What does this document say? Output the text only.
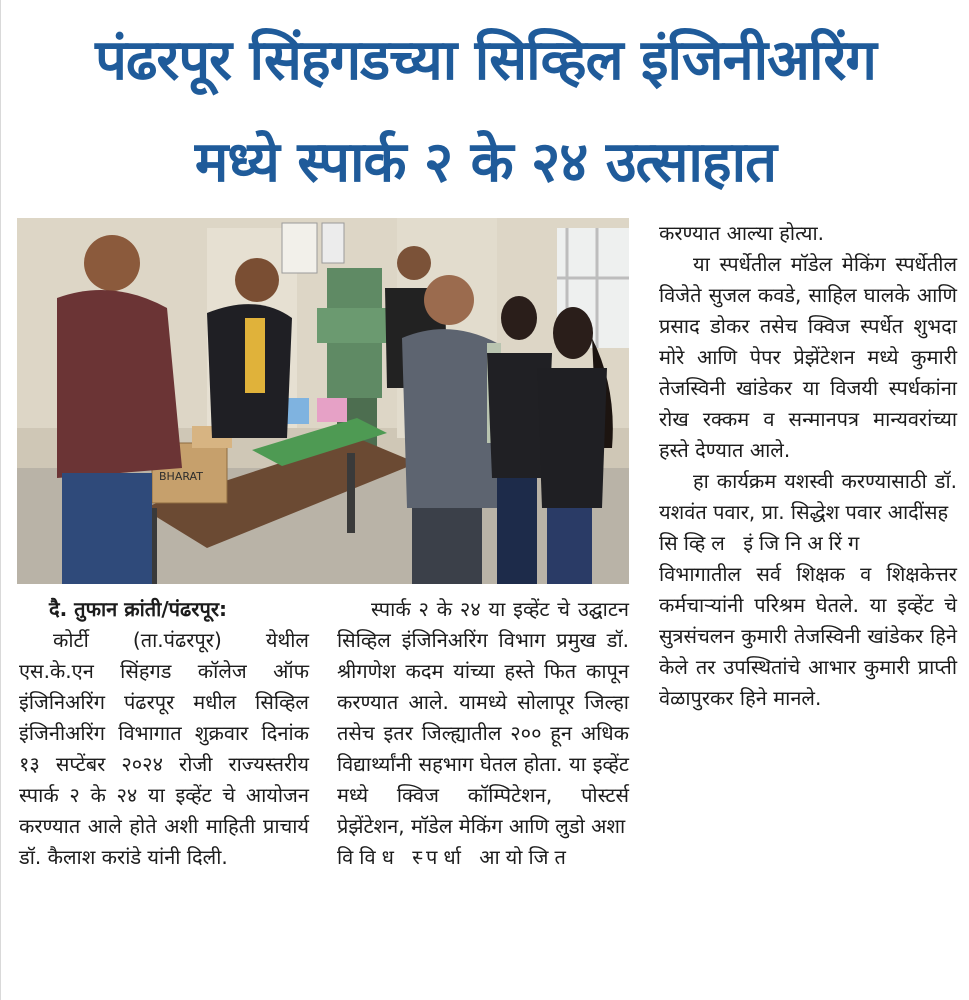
पंढरपूर सिंहगडच्या सिव्हिल इंजिनीअरिंग
मध्ये स्पार्क २ के २४ उत्साहात
BHARAT

करण्यात आल्या होत्या.

या स्पर्धेतील मॉडेल मेकिंग स्पर्धेतील विजेते सुजल कवडे, साहिल घालके आणि प्रसाद डोकर तसेच क्विज स्पर्धेत शुभदा मोरे आणि पेपर प्रेझेंटेशन मध्ये कुमारी तेजस्विनी खांडेकर या विजयी स्पर्धकांना रोख रक्कम व सन्मानपत्र मान्यवरांच्या हस्ते देण्यात आले.

हा कार्यक्रम यशस्वी करण्यासाठी डॉ. यशवंत पवार, प्रा. सिद्धेश पवार आदींसह

सिव्हिल इंजिनिअरिंग

विभागातील सर्व शिक्षक व शिक्षकेत्तर कर्मचाऱ्यांनी परिश्रम घेतले. या इव्हेंट चे सुत्रसंचलन कुमारी तेजस्विनी खांडेकर हिने केले तर उपस्थितांचे आभार कुमारी प्राप्ती वेळापुरकर हिने मानले.

दै. तुफान क्रांती/पंढरपूर:

कोर्टी (ता.पंढरपूर) येथील एस.के.एन सिंहगड कॉलेज ऑफ इंजिनिअरिंग पंढरपूर मधील सिव्हिल इंजिनीअरिंग विभागात शुक्रवार दिनांक १३ सप्टेंबर २०२४ रोजी राज्यस्तरीय स्पार्क २ के २४ या इव्हेंट चे आयोजन करण्यात आले होते अशी माहिती प्राचार्य डॉ. कैलाश करांडे यांनी दिली.

स्पार्क २ के २४ या इव्हेंट चे उद्घाटन सिव्हिल इंजिनिअरिंग विभाग प्रमुख डॉ. श्रीगणेश कदम यांच्या हस्ते फित कापून करण्यात आले. यामध्ये सोलापूर जिल्हा तसेच इतर जिल्ह्यातील २०० हून अधिक विद्यार्थ्यांनी सहभाग घेतल होता. या इव्हेंट मध्ये क्विज कॉम्पिटेशन, पोस्टर्स प्रेझेंटेशन, मॉडेल मेकिंग आणि लुडो अशा

विविध स्पर्धा आयोजित
